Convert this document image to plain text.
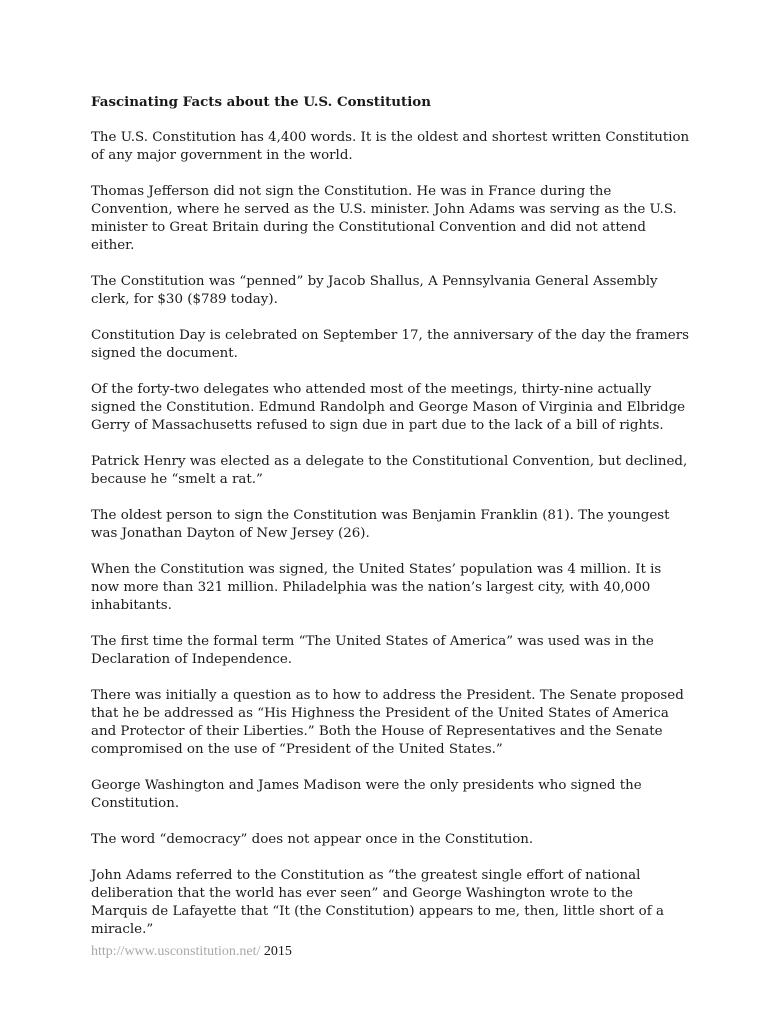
Fascinating Facts about the U.S. Constitution
The U.S. Constitution has 4,400 words. It is the oldest and shortest written Constitution of any major government in the world.
Thomas Jefferson did not sign the Constitution. He was in France during the Convention, where he served as the U.S. minister. John Adams was serving as the U.S. minister to Great Britain during the Constitutional Convention and did not attend either.
The Constitution was “penned” by Jacob Shallus, A Pennsylvania General Assembly clerk, for $30 ($789 today).
Constitution Day is celebrated on September 17, the anniversary of the day the framers signed the document.
Of the forty-two delegates who attended most of the meetings, thirty-nine actually signed the Constitution. Edmund Randolph and George Mason of Virginia and Elbridge Gerry of Massachusetts refused to sign due in part due to the lack of a bill of rights.
Patrick Henry was elected as a delegate to the Constitutional Convention, but declined, because he “smelt a rat.”
The oldest person to sign the Constitution was Benjamin Franklin (81). The youngest was Jonathan Dayton of New Jersey (26).
When the Constitution was signed, the United States’ population was 4 million. It is now more than 321 million. Philadelphia was the nation’s largest city, with 40,000 inhabitants.
The first time the formal term “The United States of America” was used was in the Declaration of Independence.
There was initially a question as to how to address the President. The Senate proposed that he be addressed as “His Highness the President of the United States of America and Protector of their Liberties.” Both the House of Representatives and the Senate compromised on the use of “President of the United States.”
George Washington and James Madison were the only presidents who signed the Constitution.
The word “democracy” does not appear once in the Constitution.
John Adams referred to the Constitution as “the greatest single effort of national deliberation that the world has ever seen” and George Washington wrote to the Marquis de Lafayette that “It (the Constitution) appears to me, then, little short of a miracle.”
http://www.usconstitution.net/ 2015
